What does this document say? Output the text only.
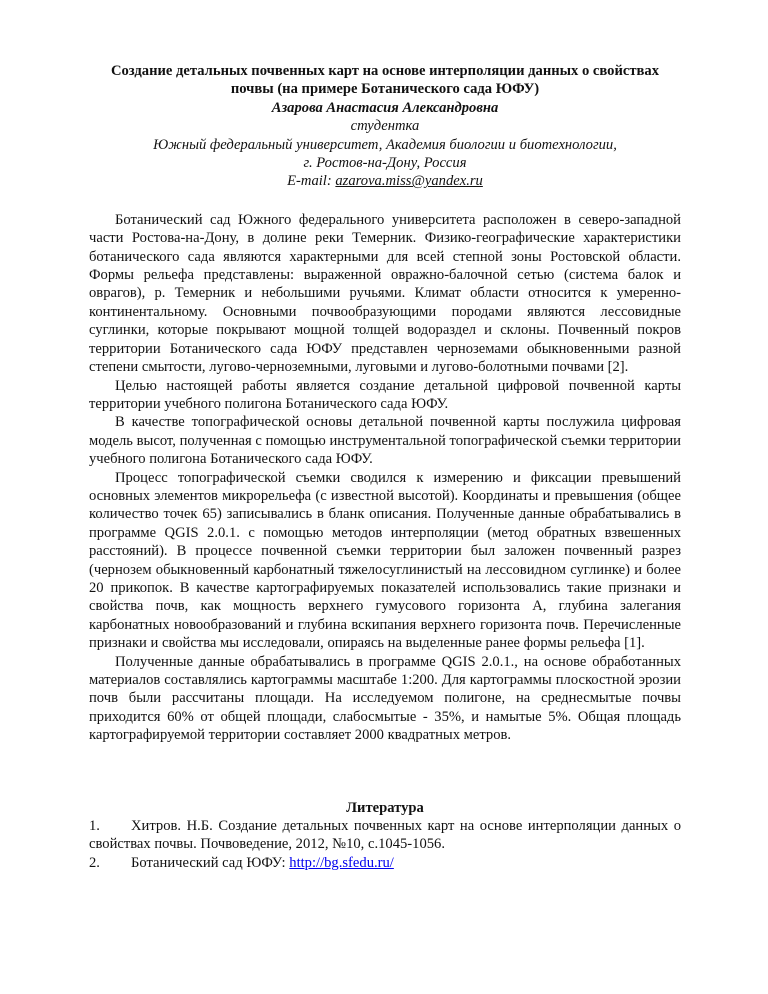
Создание детальных почвенных карт на основе интерполяции данных о свойствах почвы (на примере Ботанического сада ЮФУ)

Азарова Анастасия Александровна

студентка

Южный федеральный университет, Академия биологии и биотехнологии,

г. Ростов-на-Дону, Россия

E-mail: azarova.miss@yandex.ru

Ботанический сад Южного федерального университета расположен в северо-западной части Ростова-на-Дону, в долине реки Темерник. Физико-географические характеристики ботанического сада являются характерными для всей степной зоны Ростовской области. Формы рельефа представлены: выраженной овражно-балочной сетью (система балок и оврагов), р. Темерник и небольшими ручьями. Климат области относится к умеренно-континентальному. Основными почвообразующими породами являются лессовидные суглинки, которые покрывают мощной толщей водораздел и склоны. Почвенный покров территории Ботанического сада ЮФУ представлен черноземами обыкновенными разной степени смытости, лугово-черноземными, луговыми и лугово-болотными почвами [2].

Целью настоящей работы является создание детальной цифровой почвенной карты территории учебного полигона Ботанического сада ЮФУ.

В качестве топографической основы детальной почвенной карты послужила цифровая модель высот, полученная с помощью инструментальной топографической съемки территории учебного полигона Ботанического сада ЮФУ.

Процесс топографической съемки сводился к измерению и фиксации превышений основных элементов микрорельефа (с известной высотой). Координаты и превышения (общее количество точек 65) записывались в бланк описания. Полученные данные обрабатывались в программе QGIS 2.0.1. с помощью методов интерполяции (метод обратных взвешенных расстояний). В процессе почвенной съемки территории был заложен почвенный разрез (чернозем обыкновенный карбонатный тяжелосуглинистый на лессовидном суглинке) и более 20 прикопок. В качестве картографируемых показателей использовались такие признаки и свойства почв, как мощность верхнего гумусового горизонта А, глубина залегания карбонатных новообразований и глубина вскипания верхнего горизонта почв. Перечисленные признаки и свойства мы исследовали, опираясь на выделенные ранее формы рельефа [1].

Полученные данные обрабатывались в программе QGIS 2.0.1., на основе обработанных материалов составлялись картограммы масштабе 1:200. Для картограммы плоскостной эрозии почв были рассчитаны площади. На исследуемом полигоне, на среднесмытые почвы приходится 60% от общей площади, слабосмытые - 35%, и намытые 5%. Общая площадь картографируемой территории составляет 2000 квадратных метров.

Литература

1. Хитров. Н.Б. Создание детальных почвенных карт на основе интерполяции данных о свойствах почвы. Почвоведение, 2012, №10, с.1045-1056.

2. Ботанический сад ЮФУ: http://bg.sfedu.ru/
